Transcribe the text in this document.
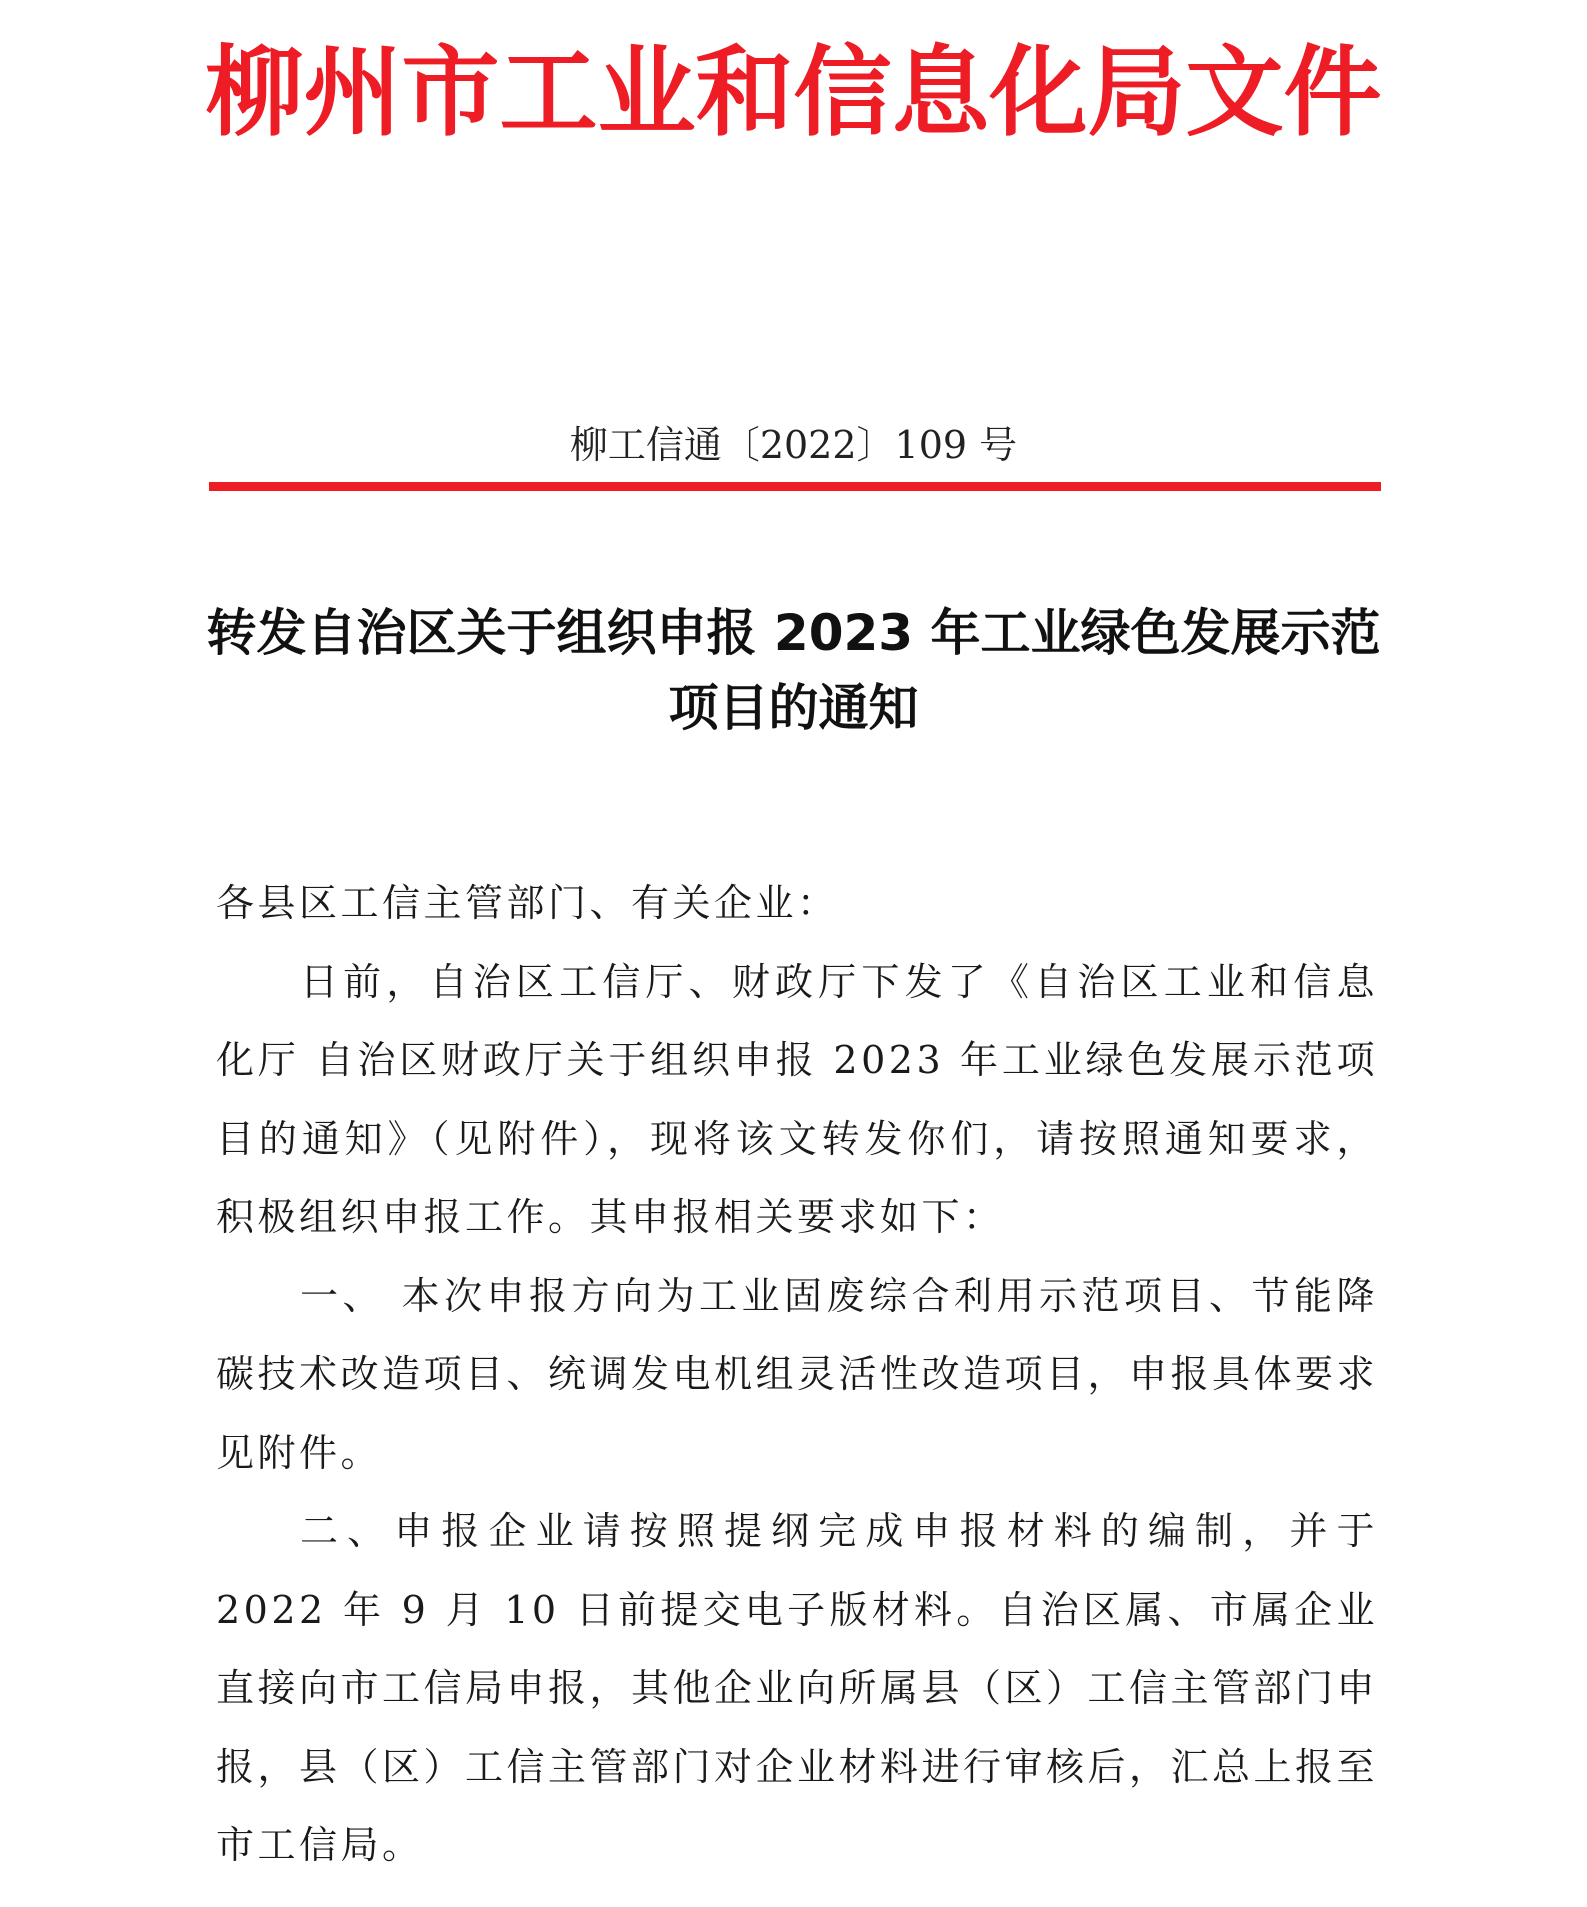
柳州市工业和信息化局文件
柳工信通〔2022〕109 号
转发自治区关于组织申报 2023 年工业绿色发展示范项目的通知

各县区工信主管部门、有关企业：

日前，自治区工信厅、财政厅下发了《自治区工业和信息化厅 自治区财政厅关于组织申报 2023 年工业绿色发展示范项目的通知》（见附件），现将该文转发你们，请按照通知要求，积极组织申报工作。其申报相关要求如下：

一、 本次申报方向为工业固废综合利用示范项目、节能降碳技术改造项目、统调发电机组灵活性改造项目，申报具体要求见附件。

二、申报企业请按照提纲完成申报材料的编制，并于 2022 年 9 月 10 日前提交电子版材料。自治区属、市属企业直接向市工信局申报，其他企业向所属县（区）工信主管部门申报，县（区）工信主管部门对企业材料进行审核后，汇总上报至市工信局。
